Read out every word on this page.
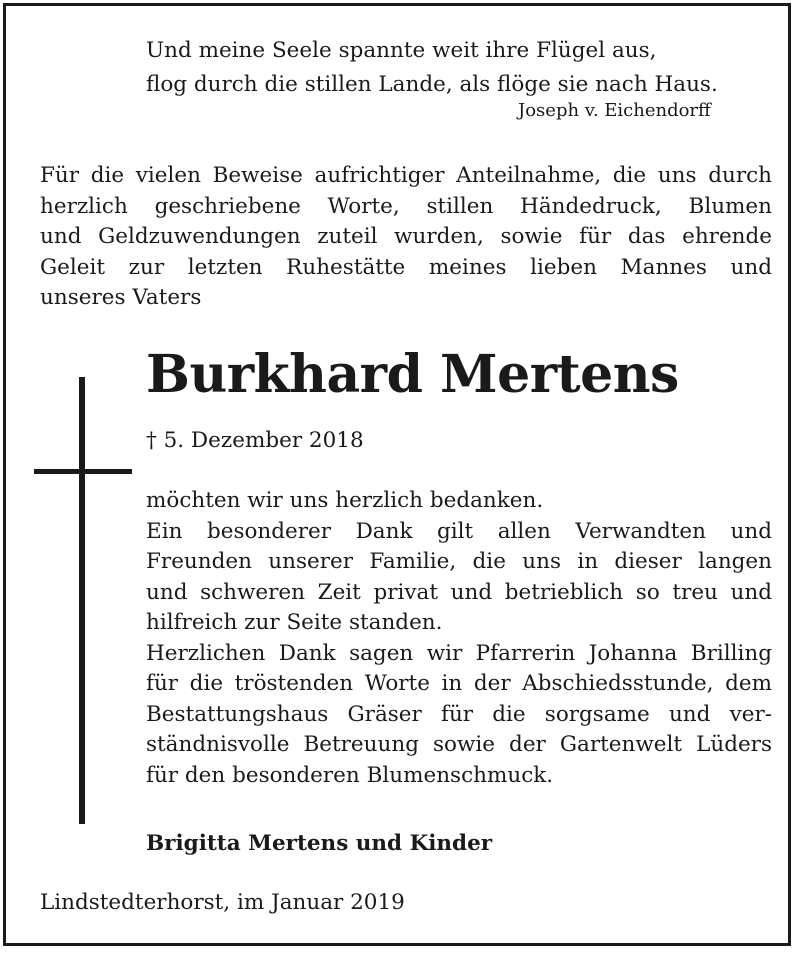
Und meine Seele spannte weit ihre Flügel aus,
flog durch die stillen Lande, als flöge sie nach Haus.
Joseph v. Eichendorff
Für die vielen Beweise aufrichtiger Anteilnahme, die uns durch
herzlich geschriebene Worte, stillen Händedruck, Blumen
und Geldzuwendungen zuteil wurden, sowie für das ehrende
Geleit zur letzten Ruhestätte meines lieben Mannes und
unseres Vaters
Burkhard Mertens
† 5. Dezember 2018
möchten wir uns herzlich bedanken.
Ein besonderer Dank gilt allen Verwandten und
Freunden unserer Familie, die uns in dieser langen
und schweren Zeit privat und betrieblich so treu und
hilfreich zur Seite standen.
Herzlichen Dank sagen wir Pfarrerin Johanna Brilling
für die tröstenden Worte in der Abschiedsstunde, dem
Bestattungshaus Gräser für die sorgsame und ver-
ständnisvolle Betreuung sowie der Gartenwelt Lüders
für den besonderen Blumenschmuck.
Brigitta Mertens und Kinder
Lindstedterhorst, im Januar 2019
